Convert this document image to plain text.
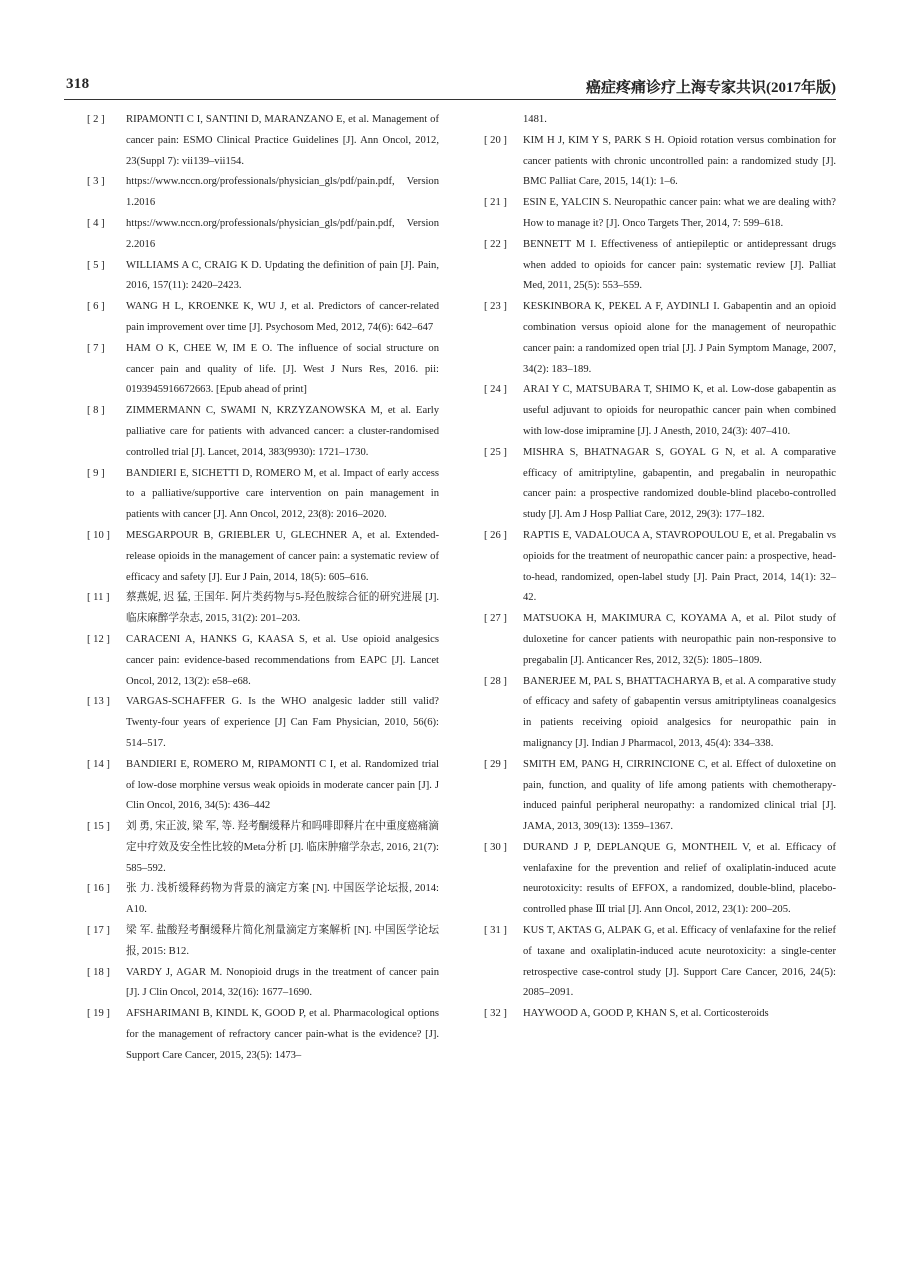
318	癌症疼痛诊疗上海专家共识(2017年版)
[ 2 ]	RIPAMONTI C I, SANTINI D, MARANZANO E, et al. Management of cancer pain: ESMO Clinical Practice Guidelines [J]. Ann Oncol, 2012, 23(Suppl 7): vii139–vii154.
[ 3 ]	https://www.nccn.org/professionals/physician_gls/pdf/pain.pdf, Version 1.2016
[ 4 ]	https://www.nccn.org/professionals/physician_gls/pdf/pain.pdf, Version 2.2016
[ 5 ]	WILLIAMS A C, CRAIG K D. Updating the definition of pain [J]. Pain, 2016, 157(11): 2420–2423.
[ 6 ]	WANG H L, KROENKE K, WU J, et al. Predictors of cancer-related pain improvement over time [J]. Psychosom Med, 2012, 74(6): 642–647
[ 7 ]	HAM O K, CHEE W, IM E O. The influence of social structure on cancer pain and quality of life. [J]. West J Nurs Res, 2016. pii: 0193945916672663. [Epub ahead of print]
[ 8 ]	ZIMMERMANN C, SWAMI N, KRZYZANOWSKA M, et al. Early palliative care for patients with advanced cancer: a cluster-randomised controlled trial [J]. Lancet, 2014, 383(9930): 1721–1730.
[ 9 ]	BANDIERI E, SICHETTI D, ROMERO M, et al. Impact of early access to a palliative/supportive care intervention on pain management in patients with cancer [J]. Ann Oncol, 2012, 23(8): 2016–2020.
[ 10 ]	MESGARPOUR B, GRIEBLER U, GLECHNER A, et al. Extended-release opioids in the management of cancer pain: a systematic review of efficacy and safety [J]. Eur J Pain, 2014, 18(5): 605–616.
[ 11 ]	蔡燕妮, 迟 猛, 王国年. 阿片类药物与5-羟色胺综合征的研究进展 [J]. 临床麻醉学杂志, 2015, 31(2): 201–203.
[ 12 ]	CARACENI A, HANKS G, KAASA S, et al. Use opioid analgesics cancer pain: evidence-based recommendations from EAPC [J]. Lancet Oncol, 2012, 13(2): e58–e68.
[ 13 ]	VARGAS-SCHAFFER G. Is the WHO analgesic ladder still valid? Twenty-four years of experience [J] Can Fam Physician, 2010, 56(6): 514–517.
[ 14 ]	BANDIERI E, ROMERO M, RIPAMONTI C I, et al. Randomized trial of low-dose morphine versus weak opioids in moderate cancer pain [J]. J Clin Oncol, 2016, 34(5): 436–442
[ 15 ]	刘 勇, 宋正波, 梁 军, 等. 羟考酮缓释片和吗啡即释片在中重度癌痛滴定中疗效及安全性比较的Meta分析 [J]. 临床肿瘤学杂志, 2016, 21(7): 585–592.
[ 16 ]	张 力. 浅析缓释药物为背景的滴定方案 [N]. 中国医学论坛报, 2014: A10.
[ 17 ]	梁 军. 盐酸羟考酮缓释片简化剂量滴定方案解析 [N]. 中国医学论坛报, 2015: B12.
[ 18 ]	VARDY J, AGAR M. Nonopioid drugs in the treatment of cancer pain [J]. J Clin Oncol, 2014, 32(16): 1677–1690.
[ 19 ]	AFSHARIMANI B, KINDL K, GOOD P, et al. Pharmacological options for the management of refractory cancer pain-what is the evidence? [J]. Support Care Cancer, 2015, 23(5): 1473–
1481.
[ 20 ]	KIM H J, KIM Y S, PARK S H. Opioid rotation versus combination for cancer patients with chronic uncontrolled pain: a randomized study [J]. BMC Palliat Care, 2015, 14(1): 1–6.
[ 21 ]	ESIN E, YALCIN S. Neuropathic cancer pain: what we are dealing with? How to manage it? [J]. Onco Targets Ther, 2014, 7: 599–618.
[ 22 ]	BENNETT M I. Effectiveness of antiepileptic or antidepressant drugs when added to opioids for cancer pain: systematic review [J]. Palliat Med, 2011, 25(5): 553–559.
[ 23 ]	KESKINBORA K, PEKEL A F, AYDINLI I. Gabapentin and an opioid combination versus opioid alone for the management of neuropathic cancer pain: a randomized open trial [J]. J Pain Symptom Manage, 2007, 34(2): 183–189.
[ 24 ]	ARAI Y C, MATSUBARA T, SHIMO K, et al. Low-dose gabapentin as useful adjuvant to opioids for neuropathic cancer pain when combined with low-dose imipramine [J]. J Anesth, 2010, 24(3): 407–410.
[ 25 ]	MISHRA S, BHATNAGAR S, GOYAL G N, et al. A comparative efficacy of amitriptyline, gabapentin, and pregabalin in neuropathic cancer pain: a prospective randomized double-blind placebo-controlled study [J]. Am J Hosp Palliat Care, 2012, 29(3): 177–182.
[ 26 ]	RAPTIS E, VADALOUCA A, STAVROPOULOU E, et al. Pregabalin vs opioids for the treatment of neuropathic cancer pain: a prospective, head-to-head, randomized, open-label study [J]. Pain Pract, 2014, 14(1): 32–42.
[ 27 ]	MATSUOKA H, MAKIMURA C, KOYAMA A, et al. Pilot study of duloxetine for cancer patients with neuropathic pain non-responsive to pregabalin [J]. Anticancer Res, 2012, 32(5): 1805–1809.
[ 28 ]	BANERJEE M, PAL S, BHATTACHARYA B, et al. A comparative study of efficacy and safety of gabapentin versus amitriptylineas coanalgesics in patients receiving opioid analgesics for neuropathic pain in malignancy [J]. Indian J Pharmacol, 2013, 45(4): 334–338.
[ 29 ]	SMITH EM, PANG H, CIRRINCIONE C, et al. Effect of duloxetine on pain, function, and quality of life among patients with chemotherapy-induced painful peripheral neuropathy: a randomized clinical trial [J]. JAMA, 2013, 309(13): 1359–1367.
[ 30 ]	DURAND J P, DEPLANQUE G, MONTHEIL V, et al. Efficacy of venlafaxine for the prevention and relief of oxaliplatin-induced acute neurotoxicity: results of EFFOX, a randomized, double-blind, placebo-controlled phase Ⅲ trial [J]. Ann Oncol, 2012, 23(1): 200–205.
[ 31 ]	KUS T, AKTAS G, ALPAK G, et al. Efficacy of venlafaxine for the relief of taxane and oxaliplatin-induced acute neurotoxicity: a single-center retrospective case-control study [J]. Support Care Cancer, 2016, 24(5): 2085–2091.
[ 32 ]	HAYWOOD A, GOOD P, KHAN S, et al. Corticosteroids
